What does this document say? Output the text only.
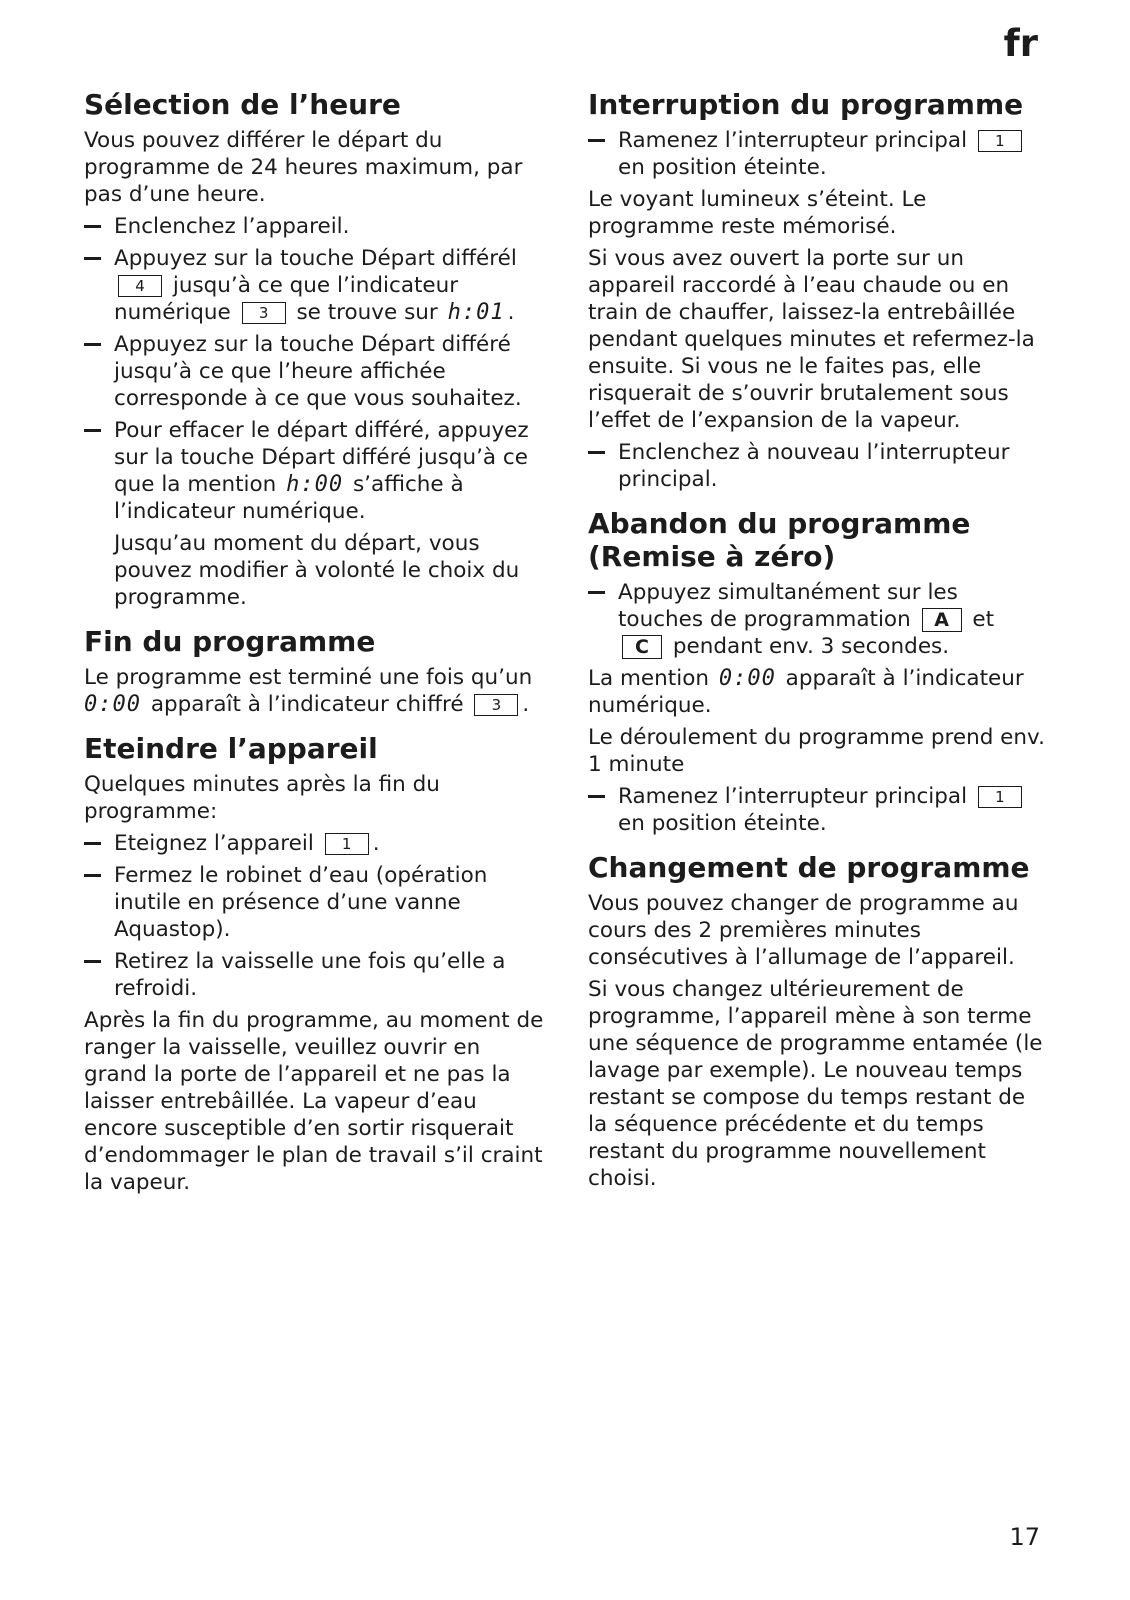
fr
Sélection de l’heure

Vous pouvez différer le départ du programme de 24 heures maximum, par pas d’une heure.

Enclenchez l’appareil.
Appuyez sur la touche Départ différél
4 jusqu’à ce que l’indicateur numérique 3 se trouve sur h:01 .
Appuyez sur la touche Départ différé jusqu’à ce que l’heure affichée corresponde à ce que vous souhaitez.
Pour effacer le départ différé, appuyez sur la touche Départ différé jusqu’à ce que la mention h:00 s’affiche à l’indicateur numérique.
Jusqu’au moment du départ, vous pouvez modifier à volonté le choix du programme.
Fin du programme

Le programme est terminé une fois qu’un
0:00 apparaît à l’indicateur chiffré 3 .

Eteindre l’appareil

Quelques minutes après la fin du programme:

Eteignez l’appareil 1 .
Fermez le robinet d’eau (opération inutile en présence d’une vanne Aquastop).
Retirez la vaisselle une fois qu’elle a refroidi.

Après la fin du programme, au moment de ranger la vaisselle, veuillez ouvrir en grand la porte de l’appareil et ne pas la laisser entrebâillée. La vapeur d’eau encore susceptible d’en sortir risquerait d’endommager le plan de travail s’il craint la vapeur.

Interruption du programme
Ramenez l’interrupteur principal 1 en position éteinte.

Le voyant lumineux s’éteint. Le programme reste mémorisé.

Si vous avez ouvert la porte sur un appareil raccordé à l’eau chaude ou en train de chauffer, laissez-la entrebâillée pendant quelques minutes et refermez-la ensuite. Si vous ne le faites pas, elle risquerait de s’ouvrir brutalement sous l’effet de l’expansion de la vapeur.

Enclenchez à nouveau l’interrupteur principal.
Abandon du programme (Remise à zéro)
Appuyez simultanément sur les touches de programmation A et C pendant env. 3 secondes.

La mention 0:00 apparaît à l’indicateur numérique.

Le déroulement du programme prend env. 1 minute

Ramenez l’interrupteur principal 1 en position éteinte.
Changement de programme

Vous pouvez changer de programme au cours des 2 premières minutes consécutives à l’allumage de l’appareil.

Si vous changez ultérieurement de programme, l’appareil mène à son terme une séquence de programme entamée (le lavage par exemple). Le nouveau temps restant se compose du temps restant de la séquence précédente et du temps restant du programme nouvellement choisi.

17
